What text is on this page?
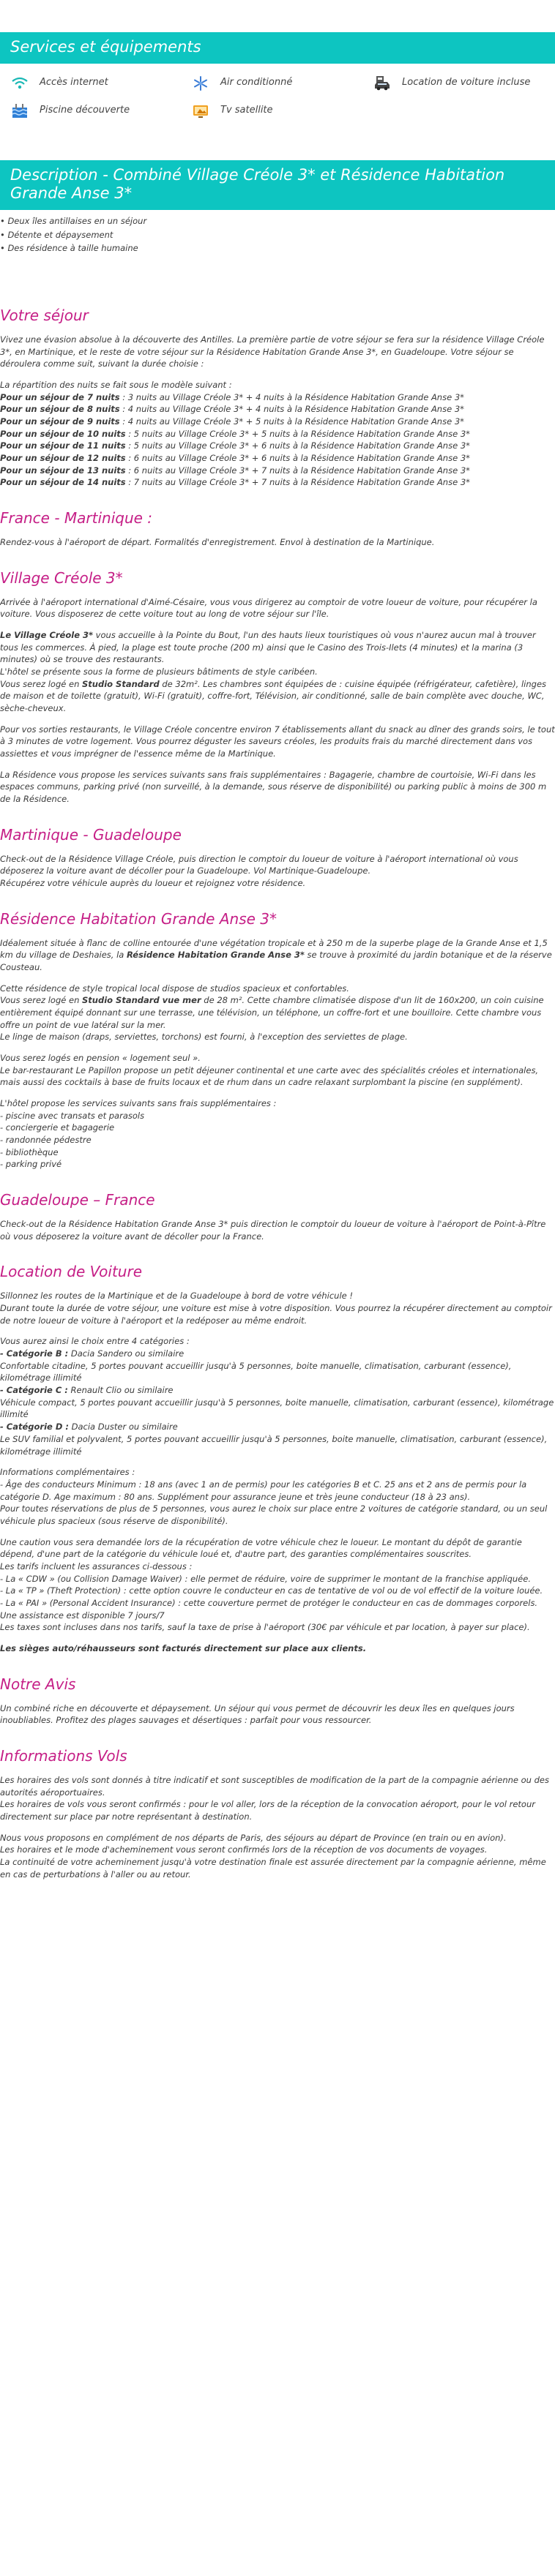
Services et équipements
Accès internet	Air conditionné	Location de voiture incluse
Piscine découverte	Tv satellite
Description - Combiné Village Créole 3* et Résidence Habitation Grande Anse 3*
• Deux îles antillaises en un séjour
• Détente et dépaysement
• Des résidence à taille humaine
Votre séjour

Vivez une évasion absolue à la découverte des Antilles. La première partie de votre séjour se fera sur la résidence Village Créole 3*, en Martinique, et le reste de votre séjour sur la Résidence Habitation Grande Anse 3*, en Guadeloupe. Votre séjour se déroulera comme suit, suivant la durée choisie :

La répartition des nuits se fait sous le modèle suivant :
Pour un séjour de 7 nuits : 3 nuits au Village Créole 3* + 4 nuits à la Résidence Habitation Grande Anse 3*
Pour un séjour de 8 nuits : 4 nuits au Village Créole 3* + 4 nuits à la Résidence Habitation Grande Anse 3*
Pour un séjour de 9 nuits : 4 nuits au Village Créole 3* + 5 nuits à la Résidence Habitation Grande Anse 3*
Pour un séjour de 10 nuits : 5 nuits au Village Créole 3* + 5 nuits à la Résidence Habitation Grande Anse 3*
Pour un séjour de 11 nuits : 5 nuits au Village Créole 3* + 6 nuits à la Résidence Habitation Grande Anse 3*
Pour un séjour de 12 nuits : 6 nuits au Village Créole 3* + 6 nuits à la Résidence Habitation Grande Anse 3*
Pour un séjour de 13 nuits : 6 nuits au Village Créole 3* + 7 nuits à la Résidence Habitation Grande Anse 3*
Pour un séjour de 14 nuits : 7 nuits au Village Créole 3* + 7 nuits à la Résidence Habitation Grande Anse 3*
France - Martinique :

Rendez-vous à l'aéroport de départ. Formalités d'enregistrement. Envol à destination de la Martinique.

Village Créole 3*

Arrivée à l'aéroport international d'Aimé-Césaire, vous vous dirigerez au comptoir de votre loueur de voiture, pour récupérer la voiture. Vous disposerez de cette voiture tout au long de votre séjour sur l'île.

Le Village Créole 3* vous accueille à la Pointe du Bout, l'un des hauts lieux touristiques où vous n'aurez aucun mal à trouver tous les commerces. À pied, la plage est toute proche (200 m) ainsi que le Casino des Trois-Ilets (4 minutes) et la marina (3 minutes) où se trouve des restaurants.
L'hôtel se présente sous la forme de plusieurs bâtiments de style caribéen.
Vous serez logé en Studio Standard de 32m². Les chambres sont équipées de : cuisine équipée (réfrigérateur, cafetière), linges de maison et de toilette (gratuit), Wi-Fi (gratuit), coffre-fort, Télévision, air conditionné, salle de bain complète avec douche, WC, sèche-cheveux.

Pour vos sorties restaurants, le Village Créole concentre environ 7 établissements allant du snack au dîner des grands soirs, le tout à 3 minutes de votre logement. Vous pourrez déguster les saveurs créoles, les produits frais du marché directement dans vos assiettes et vous imprégner de l'essence même de la Martinique.

La Résidence vous propose les services suivants sans frais supplémentaires : Bagagerie, chambre de courtoisie, Wi-Fi dans les espaces communs, parking privé (non surveillé, à la demande, sous réserve de disponibilité) ou parking public à moins de 300 m de la Résidence.

Martinique - Guadeloupe
Check-out de la Résidence Village Créole, puis direction le comptoir du loueur de voiture à l'aéroport international où vous déposerez la voiture avant de décoller pour la Guadeloupe. Vol Martinique-Guadeloupe.
Récupérez votre véhicule auprès du loueur et rejoignez votre résidence.
Résidence Habitation Grande Anse 3*

Idéalement située à flanc de colline entourée d'une végétation tropicale et à 250 m de la superbe plage de la Grande Anse et 1,5 km du village de Deshaies, la Résidence Habitation Grande Anse 3* se trouve à proximité du jardin botanique et de la réserve Cousteau.

Cette résidence de style tropical local dispose de studios spacieux et confortables.
Vous serez logé en Studio Standard vue mer de 28 m². Cette chambre climatisée dispose d'un lit de 160x200, un coin cuisine entièrement équipé donnant sur une terrasse, une télévision, un téléphone, un coffre-fort et une bouilloire. Cette chambre vous offre un point de vue latéral sur la mer.
Le linge de maison (draps, serviettes, torchons) est fourni, à l'exception des serviettes de plage.
Vous serez logés en pension « logement seul ».
Le bar-restaurant Le Papillon propose un petit déjeuner continental et une carte avec des spécialités créoles et internationales, mais aussi des cocktails à base de fruits locaux et de rhum dans un cadre relaxant surplombant la piscine (en supplément).
L'hôtel propose les services suivants sans frais supplémentaires :
- piscine avec transats et parasols
- conciergerie et bagagerie
- randonnée pédestre
- bibliothèque
- parking privé
Guadeloupe – France

Check-out de la Résidence Habitation Grande Anse 3* puis direction le comptoir du loueur de voiture à l'aéroport de Point-à-Pître où vous déposerez la voiture avant de décoller pour la France.

Location de Voiture
Sillonnez les routes de la Martinique et de la Guadeloupe à bord de votre véhicule !
Durant toute la durée de votre séjour, une voiture est mise à votre disposition. Vous pourrez la récupérer directement au comptoir de notre loueur de voiture à l'aéroport et la redéposer au même endroit.
Vous aurez ainsi le choix entre 4 catégories :
- Catégorie B : Dacia Sandero ou similaire
Confortable citadine, 5 portes pouvant accueillir jusqu'à 5 personnes, boite manuelle, climatisation, carburant (essence), kilométrage illimité
- Catégorie C : Renault Clio ou similaire
Véhicule compact, 5 portes pouvant accueillir jusqu'à 5 personnes, boite manuelle, climatisation, carburant (essence), kilométrage illimité
- Catégorie D : Dacia Duster ou similaire
Le SUV familial et polyvalent, 5 portes pouvant accueillir jusqu'à 5 personnes, boite manuelle, climatisation, carburant (essence), kilométrage illimité
Informations complémentaires :
- Âge des conducteurs Minimum : 18 ans (avec 1 an de permis) pour les catégories B et C. 25 ans et 2 ans de permis pour la catégorie D. Age maximum : 80 ans. Supplément pour assurance jeune et très jeune conducteur (18 à 23 ans).
Pour toutes réservations de plus de 5 personnes, vous aurez le choix sur place entre 2 voitures de catégorie standard, ou un seul véhicule plus spacieux (sous réserve de disponibilité).
Une caution vous sera demandée lors de la récupération de votre véhicule chez le loueur. Le montant du dépôt de garantie dépend, d'une part de la catégorie du véhicule loué et, d'autre part, des garanties complémentaires souscrites.
Les tarifs incluent les assurances ci-dessous :
- La « CDW » (ou Collision Damage Waiver) : elle permet de réduire, voire de supprimer le montant de la franchise appliquée.
- La « TP » (Theft Protection) : cette option couvre le conducteur en cas de tentative de vol ou de vol effectif de la voiture louée.
- La « PAI » (Personal Accident Insurance) : cette couverture permet de protéger le conducteur en cas de dommages corporels.
Une assistance est disponible 7 jours/7
Les taxes sont incluses dans nos tarifs, sauf la taxe de prise à l'aéroport (30€ par véhicule et par location, à payer sur place).

Les sièges auto/réhausseurs sont facturés directement sur place aux clients.

Notre Avis

Un combiné riche en découverte et dépaysement. Un séjour qui vous permet de découvrir les deux îles en quelques jours inoubliables. Profitez des plages sauvages et désertiques : parfait pour vous ressourcer.

Informations Vols
Les horaires des vols sont donnés à titre indicatif et sont susceptibles de modification de la part de la compagnie aérienne ou des autorités aéroportuaires.
Les horaires de vols vous seront confirmés : pour le vol aller, lors de la réception de la convocation aéroport, pour le vol retour directement sur place par notre représentant à destination.
Nous vous proposons en complément de nos départs de Paris, des séjours au départ de Province (en train ou en avion).
Les horaires et le mode d'acheminement vous seront confirmés lors de la réception de vos documents de voyages.
La continuité de votre acheminement jusqu'à votre destination finale est assurée directement par la compagnie aérienne, même en cas de perturbations à l'aller ou au retour.
